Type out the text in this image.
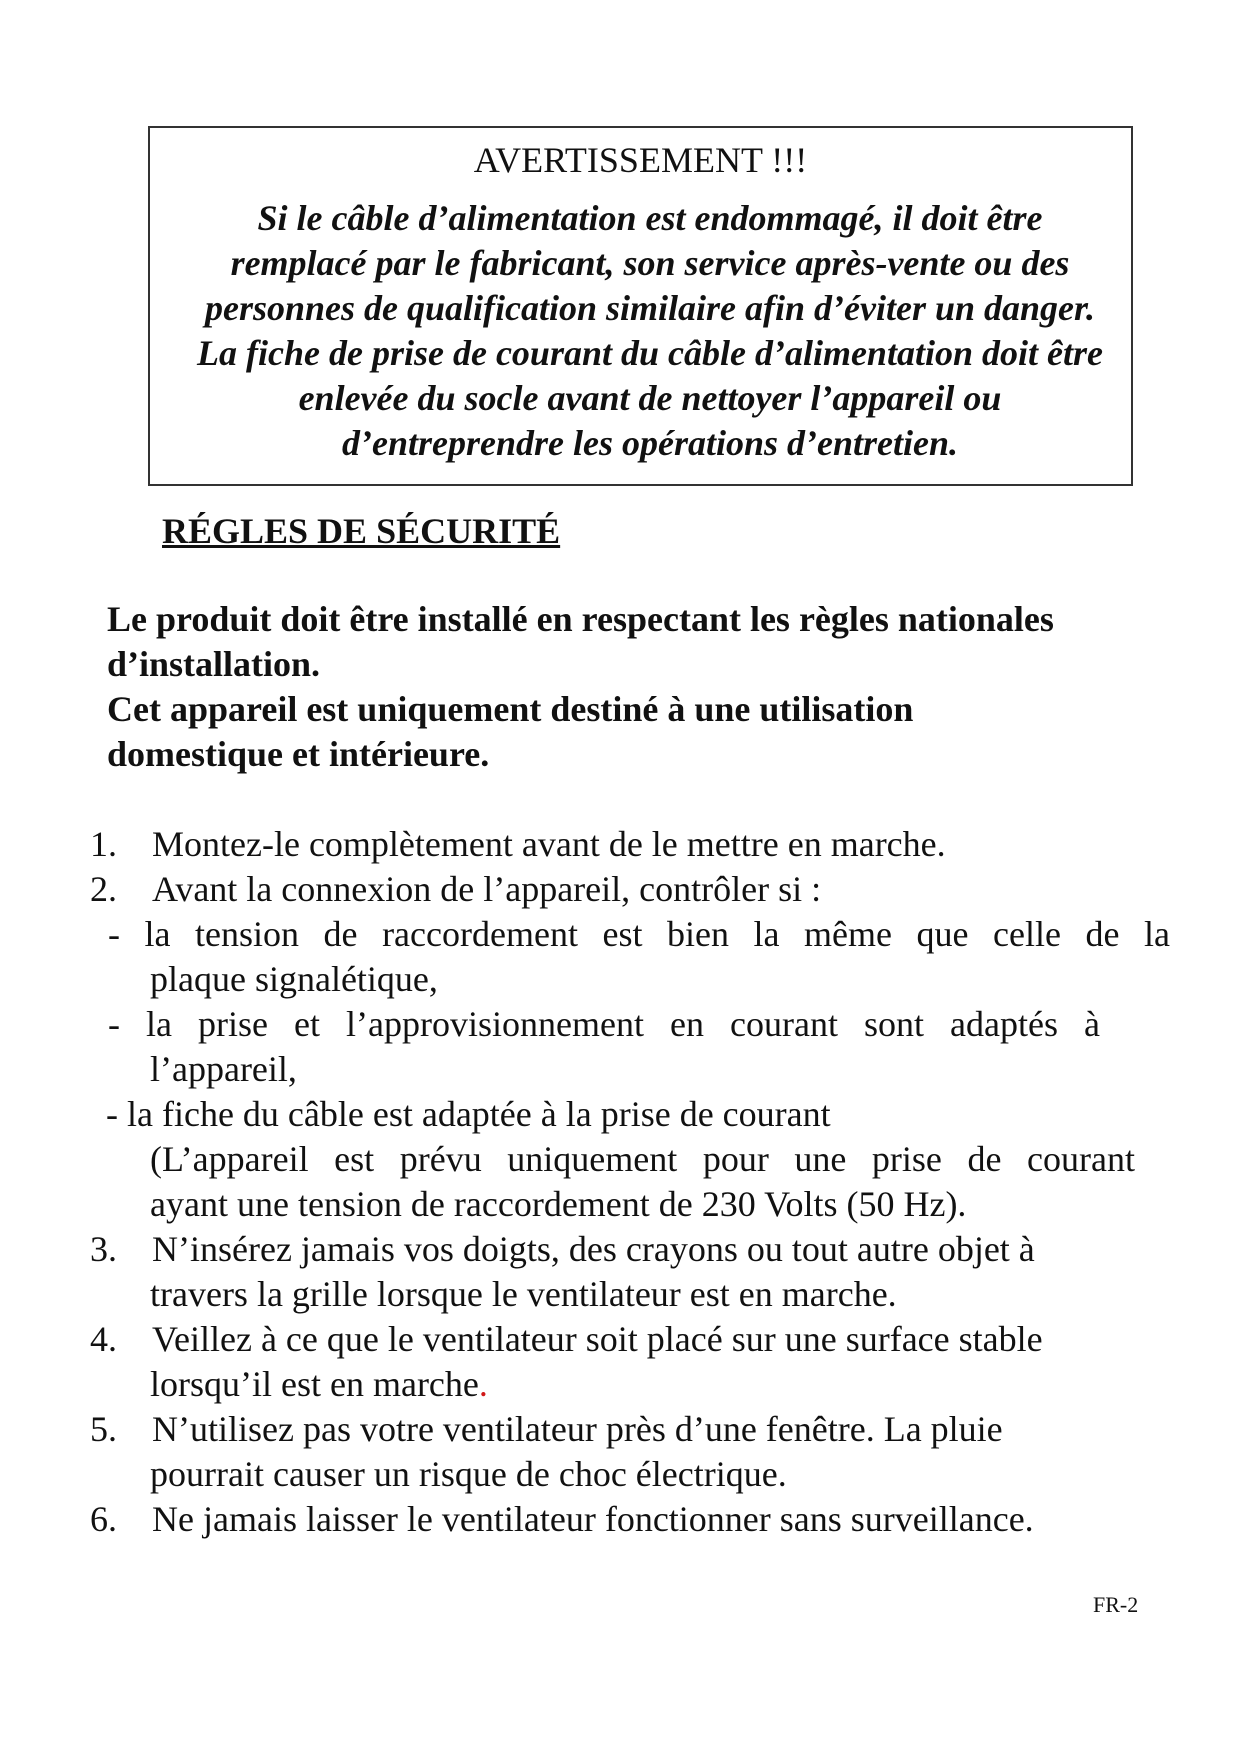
AVERTISSEMENT !!!
Si le câble d’alimentation est endommagé, il doit être
remplacé par le fabricant, son service après-vente ou des
personnes de qualification similaire afin d’éviter un danger.
La fiche de prise de courant du câble d’alimentation doit être
enlevée du socle avant de nettoyer l’appareil ou
d’entreprendre les opérations d’entretien.
RÉGLES DE SÉCURITÉ
Le produit doit être installé en respectant les règles nationales
d’installation.
Cet appareil est uniquement destiné à une utilisation
domestique et intérieure.
1. Montez-le complètement avant de le mettre en marche.
2. Avant la connexion de l’appareil, contrôler si :
- la tension de raccordement est bien la même que celle de la
plaque signalétique,
- la prise et l’approvisionnement en courant sont adaptés à
l’appareil,
- la fiche du câble est adaptée à la prise de courant
(L’appareil est prévu uniquement pour une prise de courant
ayant une tension de raccordement de 230 Volts (50 Hz).
3. N’insérez jamais vos doigts, des crayons ou tout autre objet à
travers la grille lorsque le ventilateur est en marche.
4. Veillez à ce que le ventilateur soit placé sur une surface stable
lorsqu’il est en marche.
5. N’utilisez pas votre ventilateur près d’une fenêtre. La pluie
pourrait causer un risque de choc électrique.
6. Ne jamais laisser le ventilateur fonctionner sans surveillance.
FR-2
